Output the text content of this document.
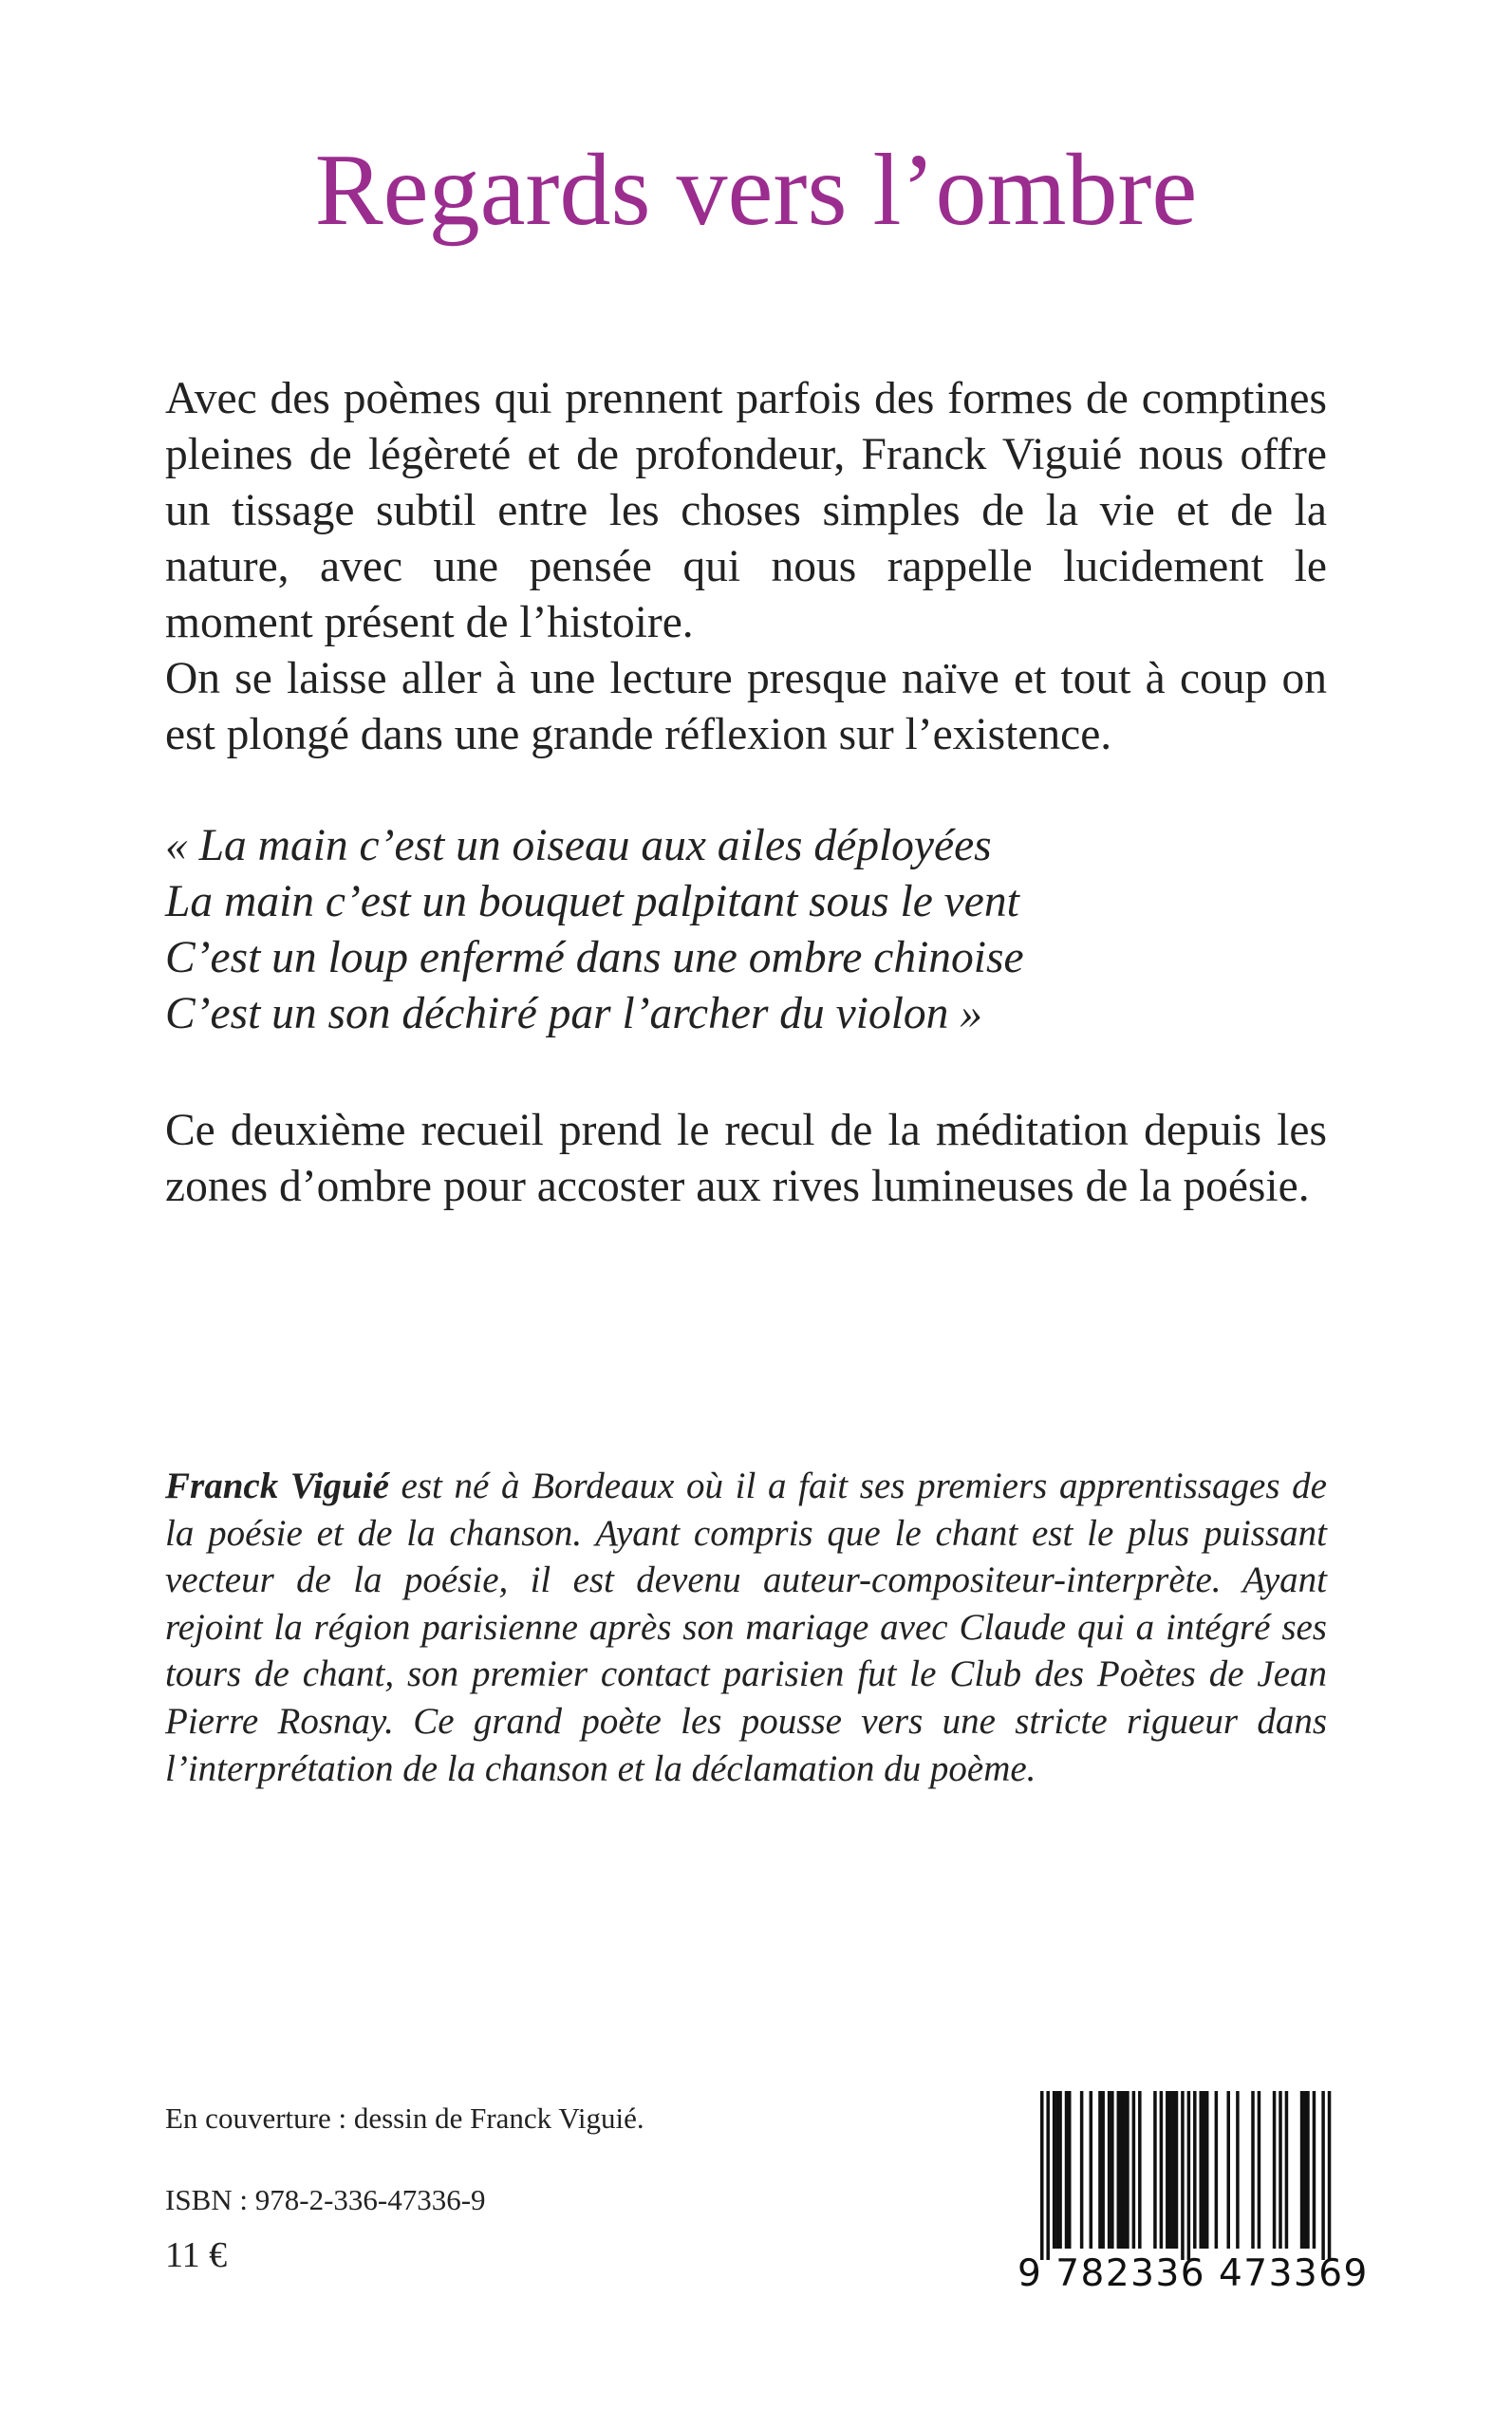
Regards vers l’ombre

Avec des poèmes qui prennent parfois des formes de comptines pleines de légèreté et de profondeur, Franck Viguié nous offre un tissage subtil entre les choses simples de la vie et de la nature, avec une pensée qui nous rappelle lucidement le moment présent de l’histoire.

On se laisse aller à une lecture presque naïve et tout à coup on est plongé dans une grande réflexion sur l’existence.

« La main c’est un oiseau aux ailes déployées
La main c’est un bouquet palpitant sous le vent
C’est un loup enfermé dans une ombre chinoise
C’est un son déchiré par l’archer du violon »

Ce deuxième recueil prend le recul de la méditation depuis les zones d’ombre pour accoster aux rives lumineuses de la poésie.

Franck Viguié est né à Bordeaux où il a fait ses premiers apprentissages de la poésie et de la chanson. Ayant compris que le chant est le plus puissant vecteur de la poésie, il est devenu auteur-compositeur-interprète. Ayant rejoint la région parisienne après son mariage avec Claude qui a intégré ses tours de chant, son premier contact parisien fut le Club des Poètes de Jean Pierre Rosnay. Ce grand poète les pousse vers une stricte rigueur dans l’interprétation de la chanson et la déclamation du poème.
En couverture : dessin de Franck Viguié.
ISBN : 978-2-336-47336-9
11 €	9 782336 473369
